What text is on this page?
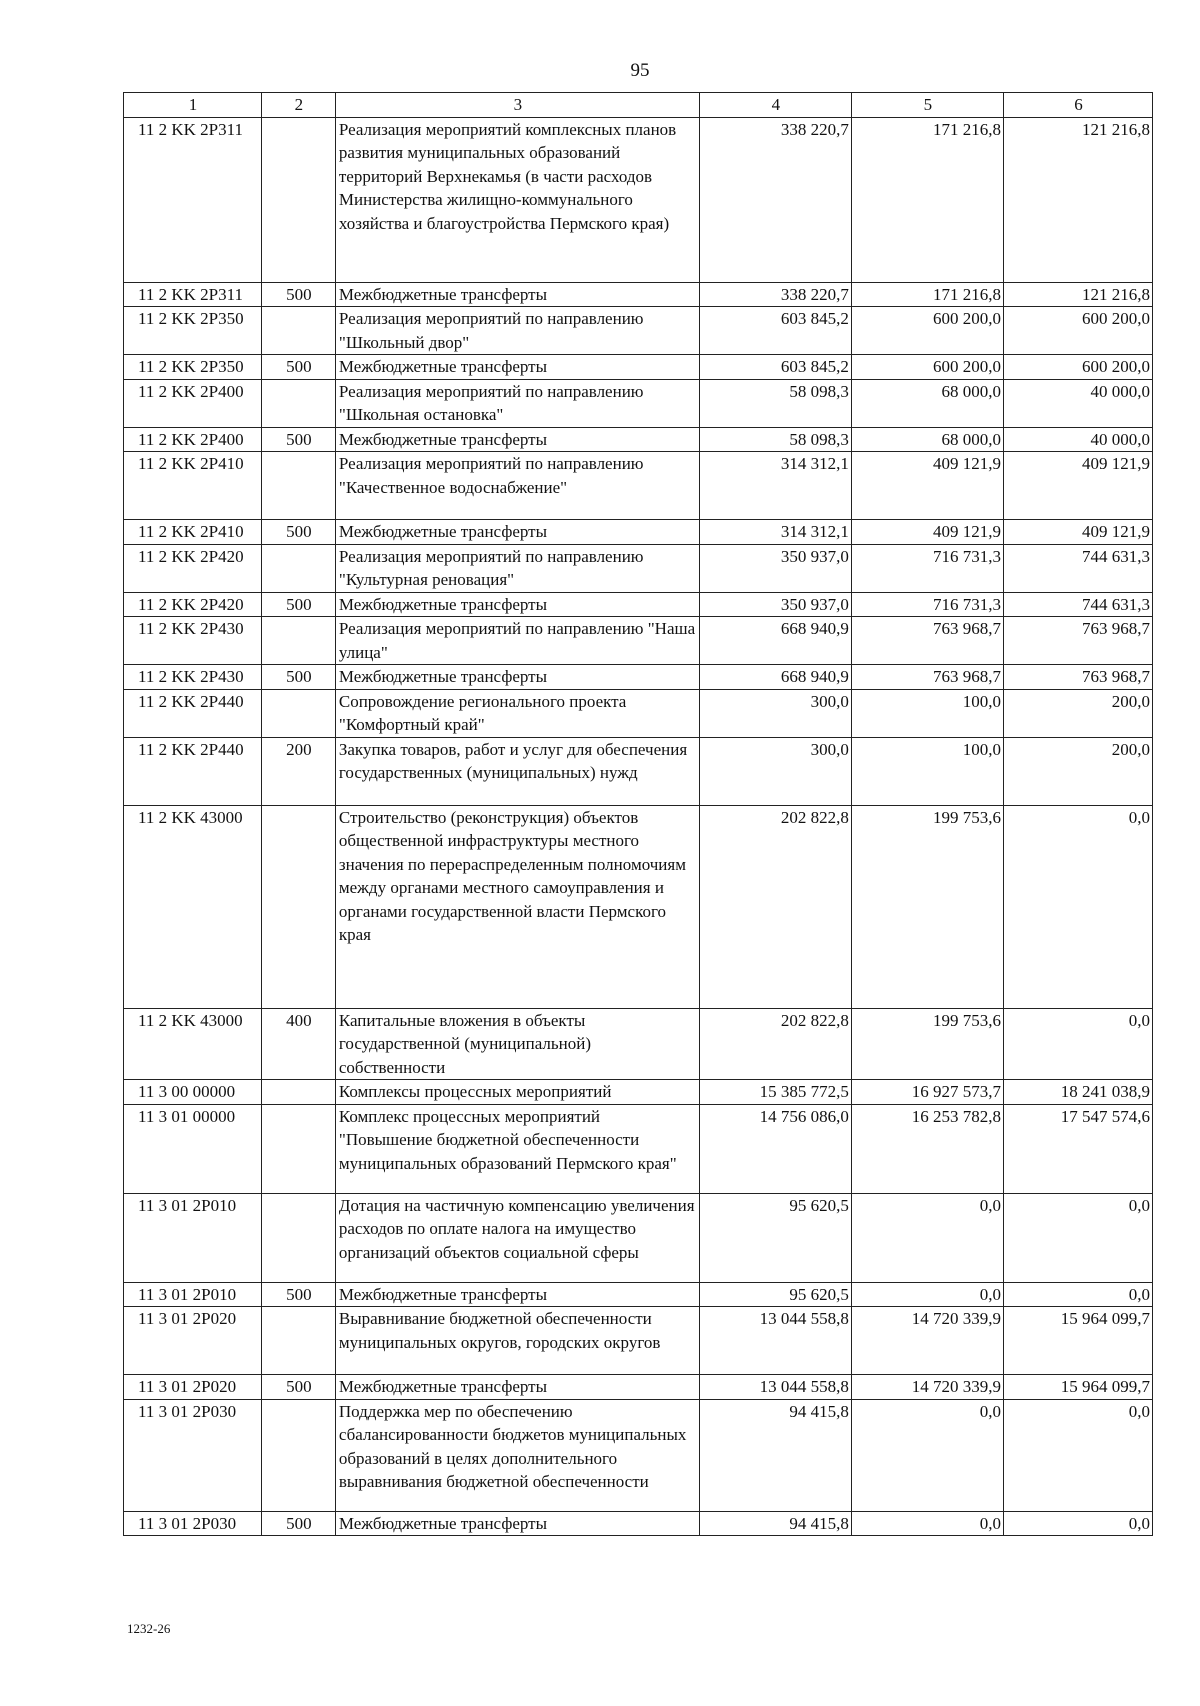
95
1	2	3	4	5	6
11 2 KK 2P311		Реализация мероприятий комплексных планов развития муниципальных образований территорий Верхнекамья (в части расходов Министерства жилищно-коммунального хозяйства и благоустройства Пермского края)	338 220,7	171 216,8	121 216,8
11 2 KK 2P311	500	Межбюджетные трансферты	338 220,7	171 216,8	121 216,8
11 2 KK 2P350		Реализация мероприятий по направлению "Школьный двор"	603 845,2	600 200,0	600 200,0
11 2 KK 2P350	500	Межбюджетные трансферты	603 845,2	600 200,0	600 200,0
11 2 KK 2P400		Реализация мероприятий по направлению "Школьная остановка"	58 098,3	68 000,0	40 000,0
11 2 KK 2P400	500	Межбюджетные трансферты	58 098,3	68 000,0	40 000,0
11 2 KK 2P410		Реализация мероприятий по направлению "Качественное водоснабжение"	314 312,1	409 121,9	409 121,9
11 2 KK 2P410	500	Межбюджетные трансферты	314 312,1	409 121,9	409 121,9
11 2 KK 2P420		Реализация мероприятий по направлению "Культурная реновация"	350 937,0	716 731,3	744 631,3
11 2 KK 2P420	500	Межбюджетные трансферты	350 937,0	716 731,3	744 631,3
11 2 KK 2P430		Реализация мероприятий по направлению "Наша улица"	668 940,9	763 968,7	763 968,7
11 2 KK 2P430	500	Межбюджетные трансферты	668 940,9	763 968,7	763 968,7
11 2 KK 2P440		Сопровождение регионального проекта "Комфортный край"	300,0	100,0	200,0
11 2 KK 2P440	200	Закупка товаров, работ и услуг для обеспечения государственных (муниципальных) нужд	300,0	100,0	200,0
11 2 KK 43000		Строительство (реконструкция) объектов общественной инфраструктуры местного значения по перераспределенным полномочиям между органами местного самоуправления и органами государственной власти Пермского края	202 822,8	199 753,6	0,0
11 2 KK 43000	400	Капитальные вложения в объекты государственной (муниципальной) собственности	202 822,8	199 753,6	0,0
11 3 00 00000		Комплексы процессных мероприятий	15 385 772,5	16 927 573,7	18 241 038,9
11 3 01 00000		Комплекс процессных мероприятий "Повышение бюджетной обеспеченности муниципальных образований Пермского края"	14 756 086,0	16 253 782,8	17 547 574,6
11 3 01 2P010		Дотация на частичную компенсацию увеличения расходов по оплате налога на имущество организаций объектов социальной сферы	95 620,5	0,0	0,0
11 3 01 2P010	500	Межбюджетные трансферты	95 620,5	0,0	0,0
11 3 01 2P020		Выравнивание бюджетной обеспеченности муниципальных округов, городских округов	13 044 558,8	14 720 339,9	15 964 099,7
11 3 01 2P020	500	Межбюджетные трансферты	13 044 558,8	14 720 339,9	15 964 099,7
11 3 01 2P030		Поддержка мер по обеспечению сбалансированности бюджетов муниципальных образований в целях дополнительного выравнивания бюджетной обеспеченности	94 415,8	0,0	0,0
11 3 01 2P030	500	Межбюджетные трансферты	94 415,8	0,0	0,0
1232-26
